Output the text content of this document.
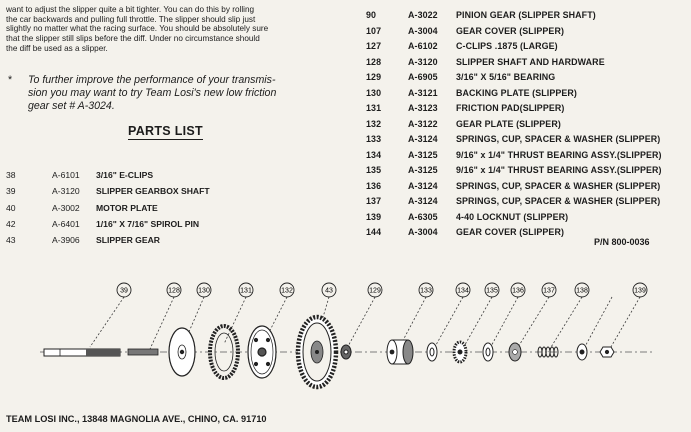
want to adjust the slipper quite a bit tighter. You can do this by rolling

the car backwards and pulling full throttle. The slipper should slip just

slightly no matter what the racing surface. You should be absolutely sure

that the slipper still slips before the diff. Under no circumstance should

the diff be used as a slipper.

* To further improve the performance of your transmis-
sion you may want to try Team Losi's new low friction
gear set # A-3024.
PARTS LIST
38	A-6101 3/16" E-CLIPS
39	A-3120 SLIPPER GEARBOX SHAFT
40	A-3002 MOTOR PLATE
42	A-6401 1/16" X 7/16" SPIROL PIN
43	A-3906 SLIPPER GEAR
90	A-3022 PINION GEAR (SLIPPER SHAFT)
107	A-3004 GEAR COVER (SLIPPER)
127	A-6102 C-CLIPS .1875 (LARGE)
128	A-3120 SLIPPER SHAFT AND HARDWARE
129	A-6905 3/16" X 5/16" BEARING
130	A-3121 BACKING PLATE (SLIPPER)
131	A-3123 FRICTION PAD(SLIPPER)
132	A-3122 GEAR PLATE (SLIPPER)
133	A-3124 SPRINGS, CUP, SPACER & WASHER (SLIPPER)
134	A-3125 9/16" x 1/4" THRUST BEARING ASSY.(SLIPPER)
135	A-3125 9/16" x 1/4" THRUST BEARING ASSY.(SLIPPER)
136	A-3124 SPRINGS, CUP, SPACER & WASHER (SLIPPER)
137	A-3124 SPRINGS, CUP, SPACER & WASHER (SLIPPER)
139	A-6305 4-40 LOCKNUT (SLIPPER)
144	A-3004 GEAR COVER (SLIPPER)
P/N 800-0036
39	128	130	131	132	43	129	133	134 135 136	137	138	139
TEAM LOSI INC., 13848 MAGNOLIA AVE., CHINO, CA. 91710
